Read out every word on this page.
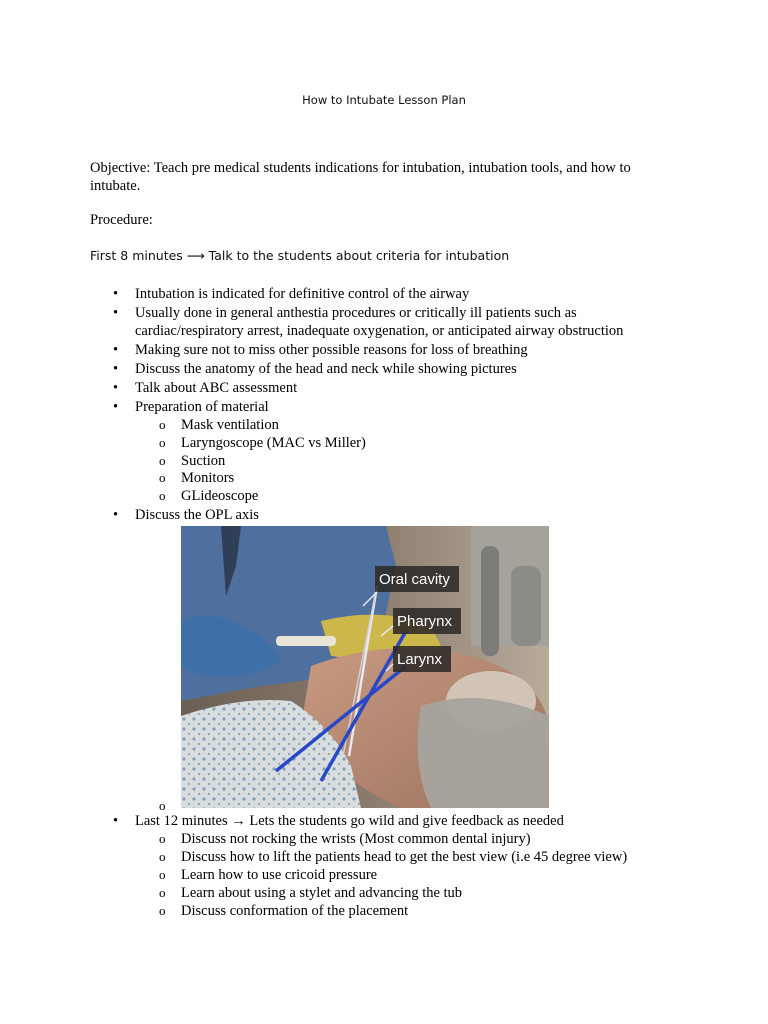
How to Intubate Lesson Plan
Objective: Teach pre medical students indications for intubation, intubation tools, and how to intubate.
Procedure:
First 8 minutes ⟶ Talk to the students about criteria for intubation
• Intubation is indicated for definitive control of the airway
• Usually done in general anthestia procedures or critically ill patients such as
cardiac/respiratory arrest, inadequate oxygenation, or anticipated airway obstruction
• Making sure not to miss other possible reasons for loss of breathing
• Discuss the anatomy of the head and neck while showing pictures
• Talk about ABC assessment
• Preparation of material
o Mask ventilation
o Laryngoscope (MAC vs Miller)
o Suction
o Monitors
o GLideoscope
• Discuss the OPL axis
Oral cavity
Pharynx
Larynx
o
• Last 12 minutes → Lets the students go wild and give feedback as needed
o Discuss not rocking the wrists (Most common dental injury)
o Discuss how to lift the patients head to get the best view (i.e 45 degree view)
o Learn how to use cricoid pressure
o Learn about using a stylet and advancing the tub
o Discuss conformation of the placement
